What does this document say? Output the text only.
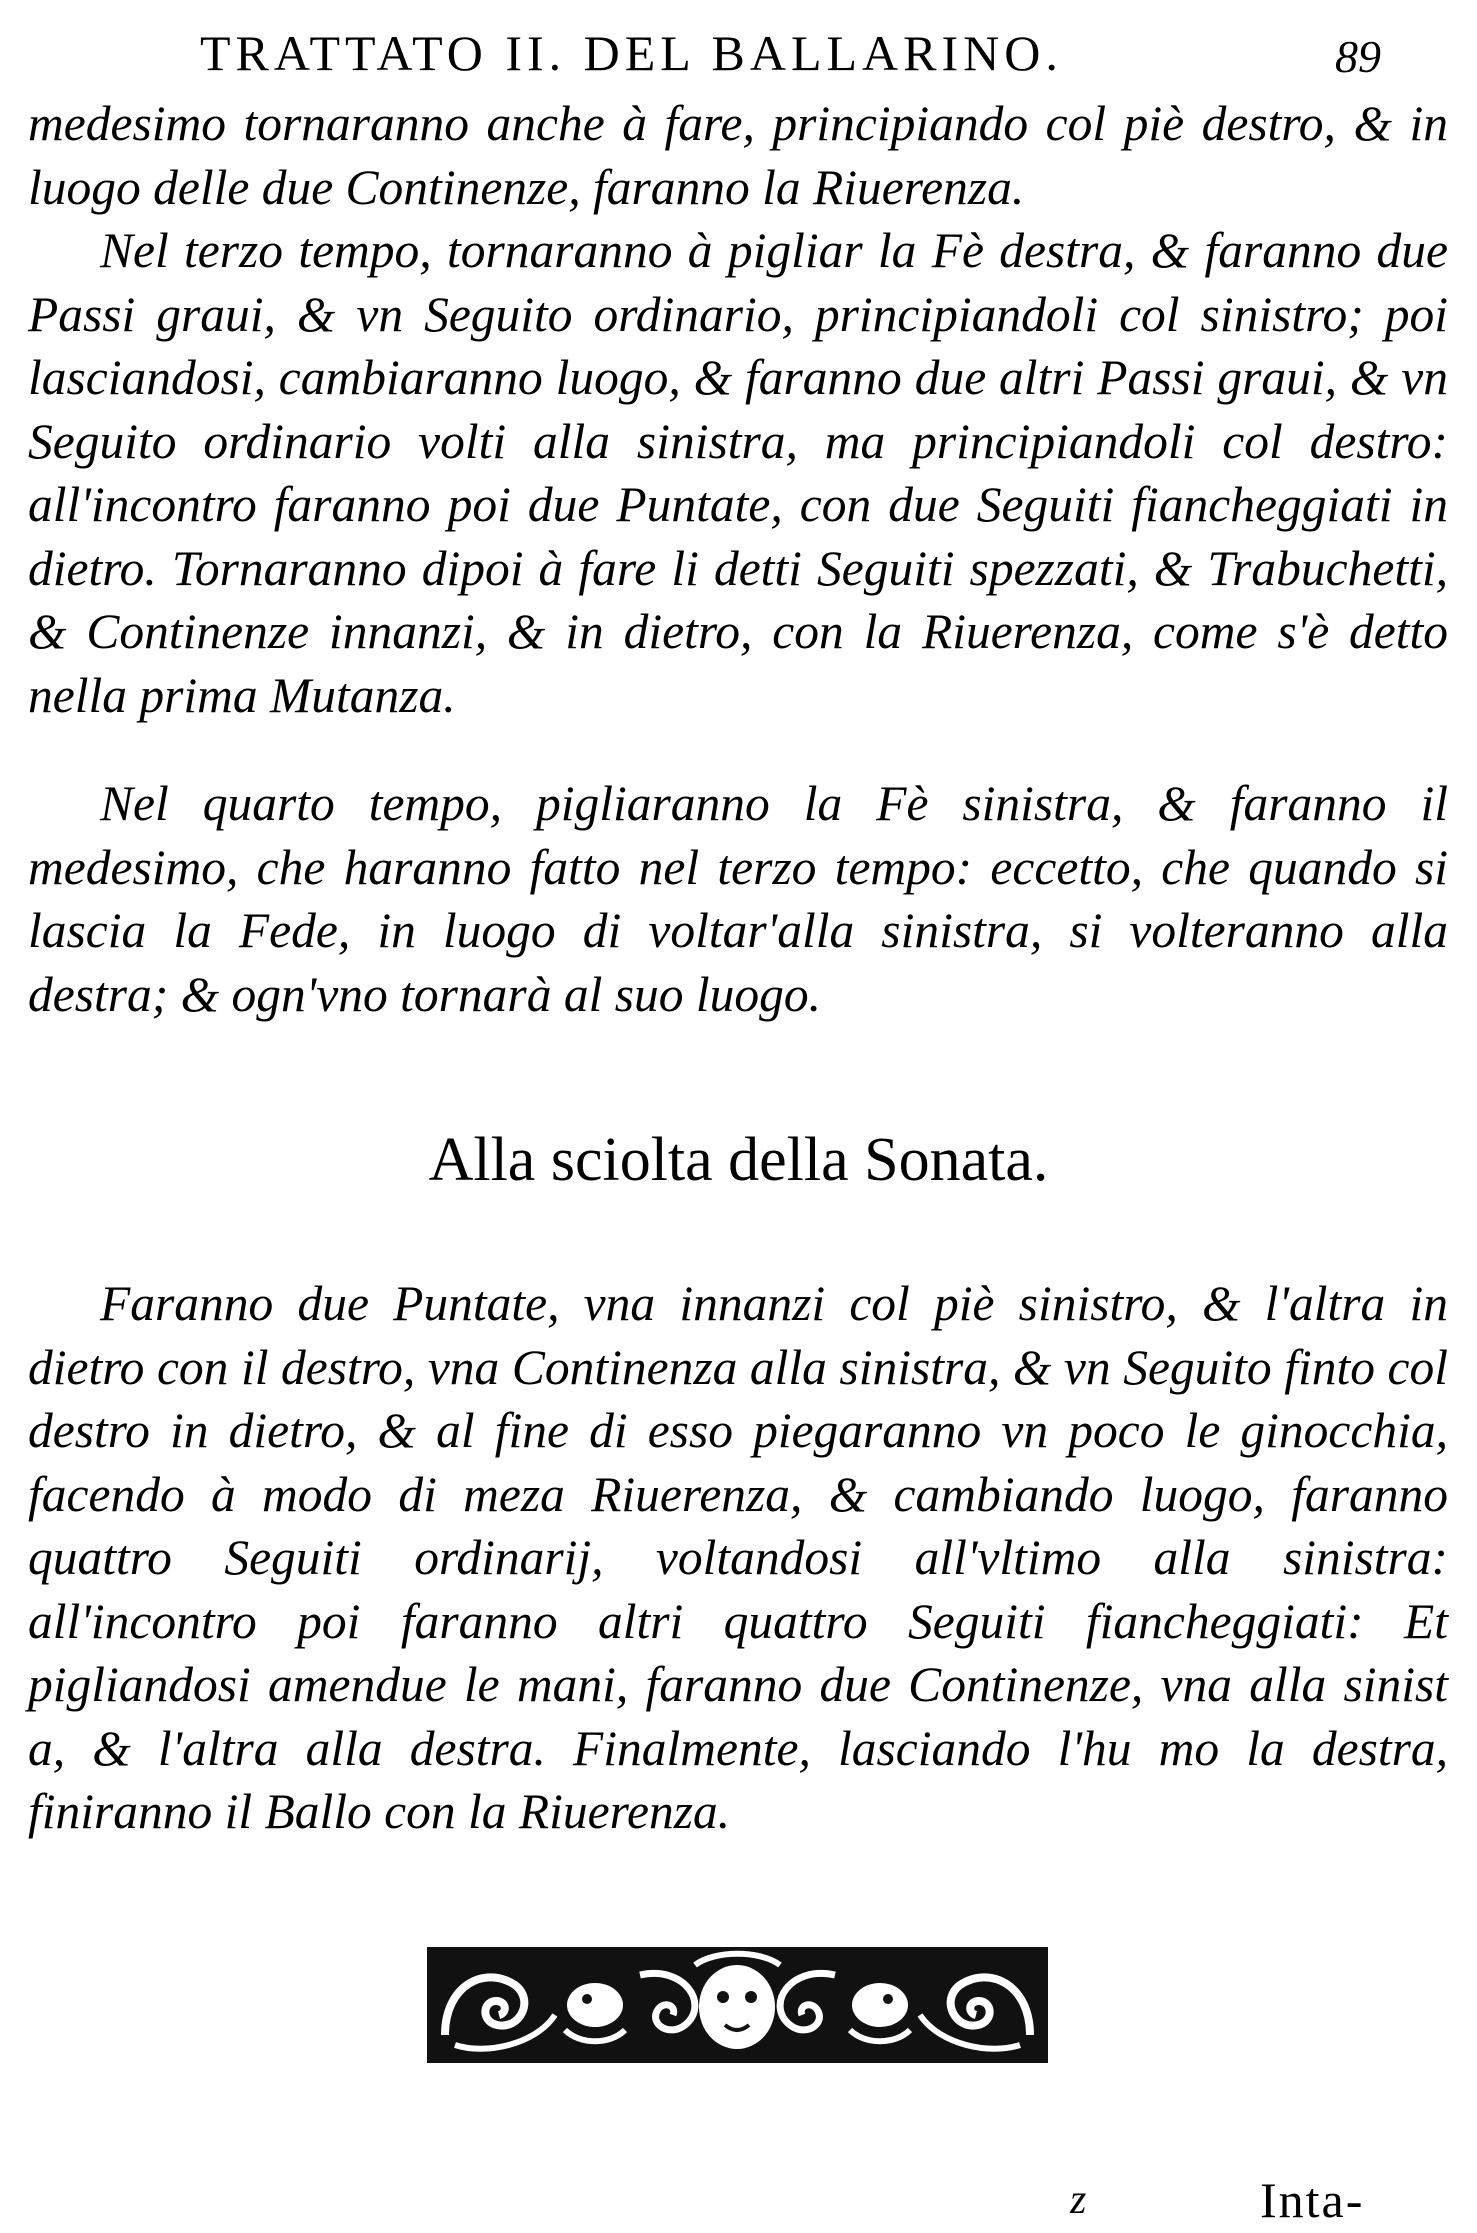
TRATTATO II. DEL BALLARINO.	89

medesimo tornaranno anche à fare, principiando col piè destro, & in luogo delle due Continenze, faranno la Riuerenza.

Nel terzo tempo, tornaranno à pigliar la Fè destra, & faranno due Passi graui, & vn Seguito ordinario, principiandoli col sinistro; poi lasciandosi, cambiaranno luogo, & faranno due altri Passi graui, & vn Seguito ordinario volti alla sinistra, ma principiandoli col destro: all'incontro faranno poi due Puntate, con due Seguiti fiancheggiati in dietro. Tornaranno dipoi à fare li detti Seguiti spezzati, & Trabuchetti, & Continenze innanzi, & in dietro, con la Riuerenza, come s'è detto nella prima Mutanza.

Nel quarto tempo, pigliaranno la Fè sinistra, & faranno il medesimo, che haranno fatto nel terzo tempo: eccetto, che quando si lascia la Fede, in luogo di voltar'alla sinistra, si volteranno alla destra; & ogn'vno tornarà al suo luogo.

Alla sciolta della Sonata.

Faranno due Puntate, vna innanzi col piè sinistro, & l'altra in dietro con il destro, vna Continenza alla sinistra, & vn Seguito finto col destro in dietro, & al fine di esso piegaranno vn poco le ginocchia, facendo à modo di meza Riuerenza, & cambiando luogo, faranno quattro Seguiti ordinarij, voltandosi all'vltimo alla sinistra: all'incontro poi faranno altri quattro Seguiti fiancheggiati: Et pigliandosi amendue le mani, faranno due Continenze, vna alla sinist a, & l'altra alla destra. Finalmente, lasciando l'hu mo la destra, finiranno il Ballo con la Riuerenza.

z	Inta-
